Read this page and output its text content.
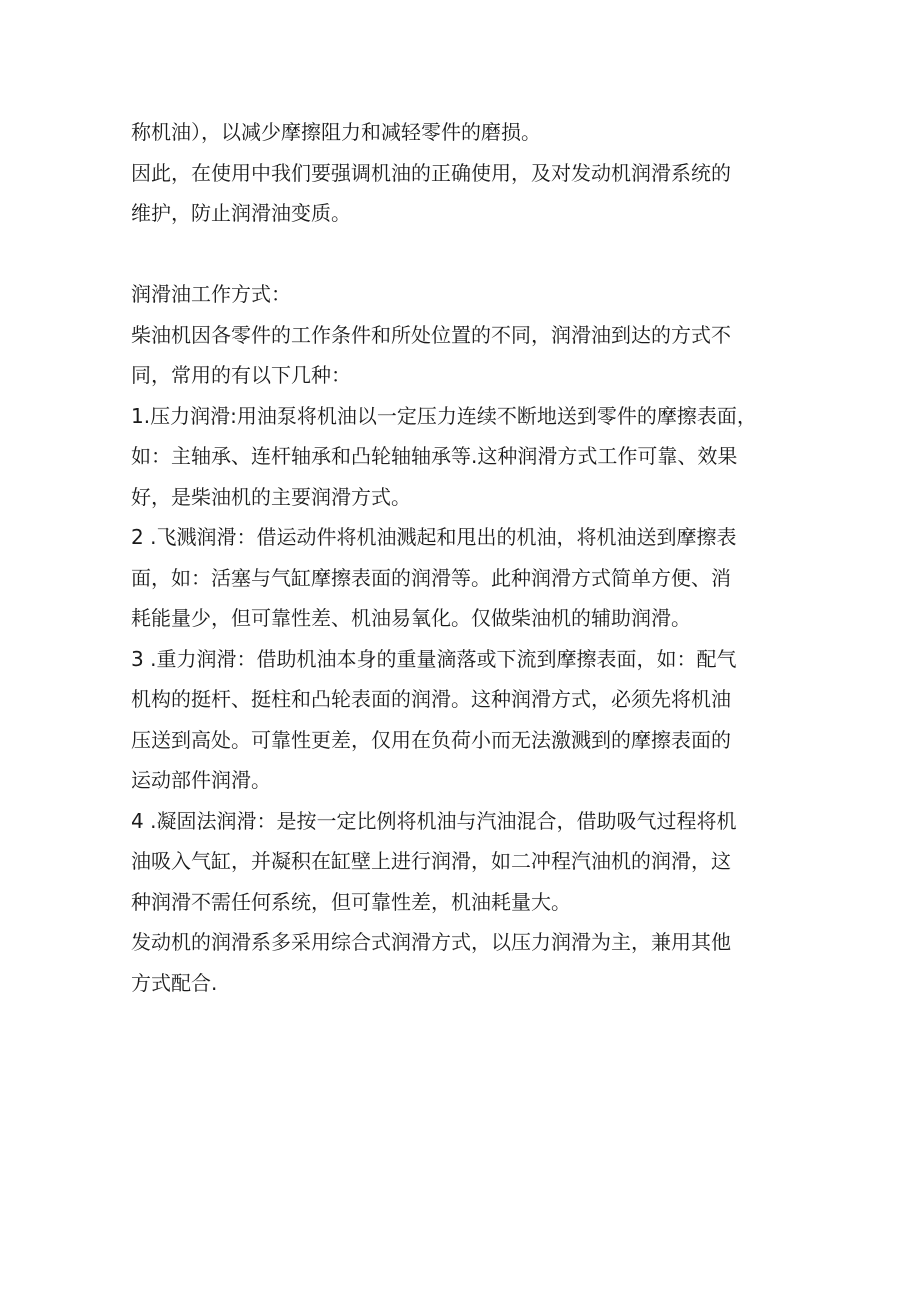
称机油），以减少摩擦阻力和减轻零件的磨损。

因此，在使用中我们要强调机油的正确使用，及对发动机润滑系统的

维护，防止润滑油变质。

润滑油工作方式：

柴油机因各零件的工作条件和所处位置的不同，润滑油到达的方式不

同，常用的有以下几种：

1.压力润滑:用油泵将机油以一定压力连续不断地送到零件的摩擦表面，

如：主轴承、连杆轴承和凸轮轴轴承等.这种润滑方式工作可靠、效果

好，是柴油机的主要润滑方式。

2 .飞溅润滑：借运动件将机油溅起和甩出的机油，将机油送到摩擦表

面，如：活塞与气缸摩擦表面的润滑等。此种润滑方式简单方便、消

耗能量少，但可靠性差、机油易氧化。仅做柴油机的辅助润滑。

3 .重力润滑：借助机油本身的重量滴落或下流到摩擦表面，如：配气

机构的挺杆、挺柱和凸轮表面的润滑。这种润滑方式，必须先将机油

压送到高处。可靠性更差，仅用在负荷小而无法激溅到的摩擦表面的

运动部件润滑。

4 .凝固法润滑：是按一定比例将机油与汽油混合，借助吸气过程将机

油吸入气缸，并凝积在缸壁上进行润滑，如二冲程汽油机的润滑，这

种润滑不需任何系统，但可靠性差，机油耗量大。

发动机的润滑系多采用综合式润滑方式，以压力润滑为主，兼用其他

方式配合.
